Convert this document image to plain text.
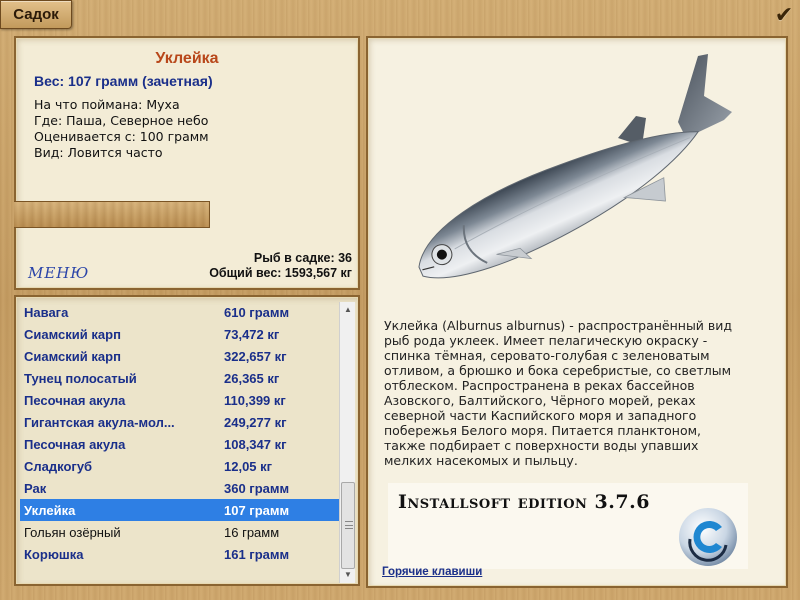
Садок	✔
Уклейка
Вес: 107 грамм (зачетная)
На что поймана: Муха
Где: Паша, Северное небо
Оценивается с: 100 грамм
Вид: Ловится часто
МЕНЮ
Рыб в садке: 36
Общий вес: 1593,567 кг
Навага	610 грамм
Сиамский карп	73,472 кг
Сиамский карп	322,657 кг
Тунец полосатый	26,365 кг
Песочная акула	110,399 кг
Гигантская акула-мол...	249,277 кг
Песочная акула	108,347 кг
Сладкогуб	12,05 кг
Рак	360 грамм
Уклейка	107 грамм
Гольян озёрный	16 грамм
Корюшка	161 грамм
▲
▼
Уклейка (Alburnus alburnus) - распространённый вид рыб рода уклеек. Имеет пелагическую окраску - спинка тёмная, серовато-голубая с зеленоватым отливом, а брюшко и бока серебристые, со светлым отблеском. Распространена в реках бассейнов Азовского, Балтийского, Чёрного морей, реках северной части Каспийского моря и западного побережья Белого моря. Питается планктоном, также подбирает с поверхности воды упавших мелких насекомых и пыльцу.
Installsoft edition 3.7.6
Горячие клавиши
